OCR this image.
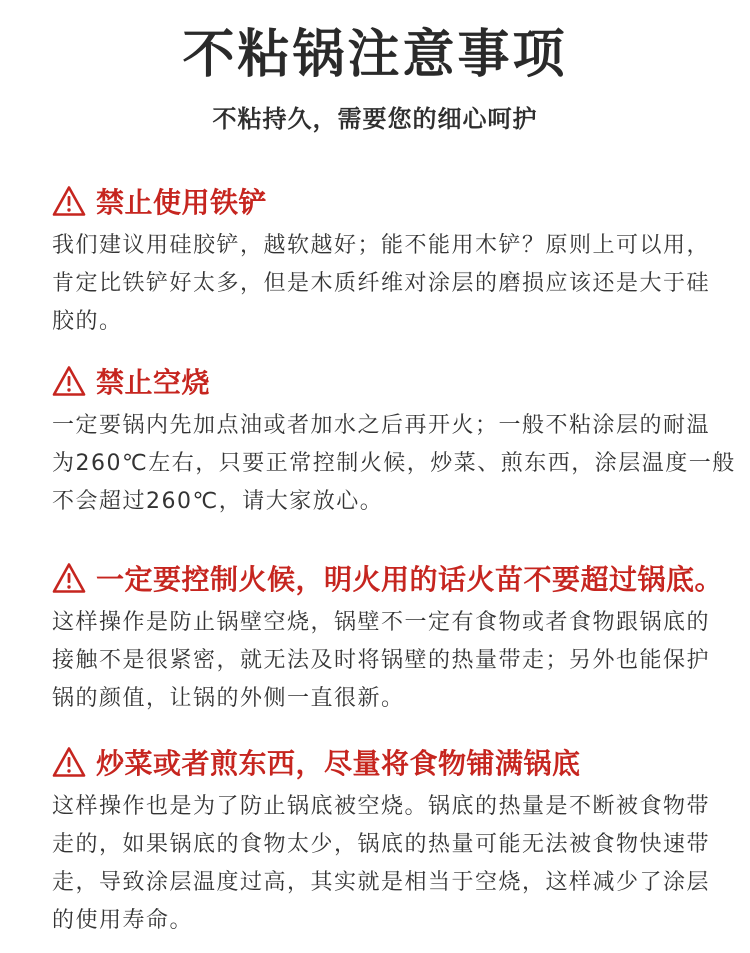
不粘锅注意事项
不粘持久，需要您的细心呵护
禁止使用铁铲
我们建议用硅胶铲，越软越好；能不能用木铲？原则上可以用，
肯定比铁铲好太多，但是木质纤维对涂层的磨损应该还是大于硅
胶的。
禁止空烧
一定要锅内先加点油或者加水之后再开火；一般不粘涂层的耐温
为260℃左右，只要正常控制火候，炒菜、煎东西，涂层温度一般
不会超过260℃，请大家放心。
一定要控制火候，明火用的话火苗不要超过锅底。
这样操作是防止锅壁空烧，锅壁不一定有食物或者食物跟锅底的
接触不是很紧密，就无法及时将锅壁的热量带走；另外也能保护
锅的颜值，让锅的外侧一直很新。
炒菜或者煎东西，尽量将食物铺满锅底
这样操作也是为了防止锅底被空烧。锅底的热量是不断被食物带
走的，如果锅底的食物太少，锅底的热量可能无法被食物快速带
走，导致涂层温度过高，其实就是相当于空烧，这样减少了涂层
的使用寿命。
